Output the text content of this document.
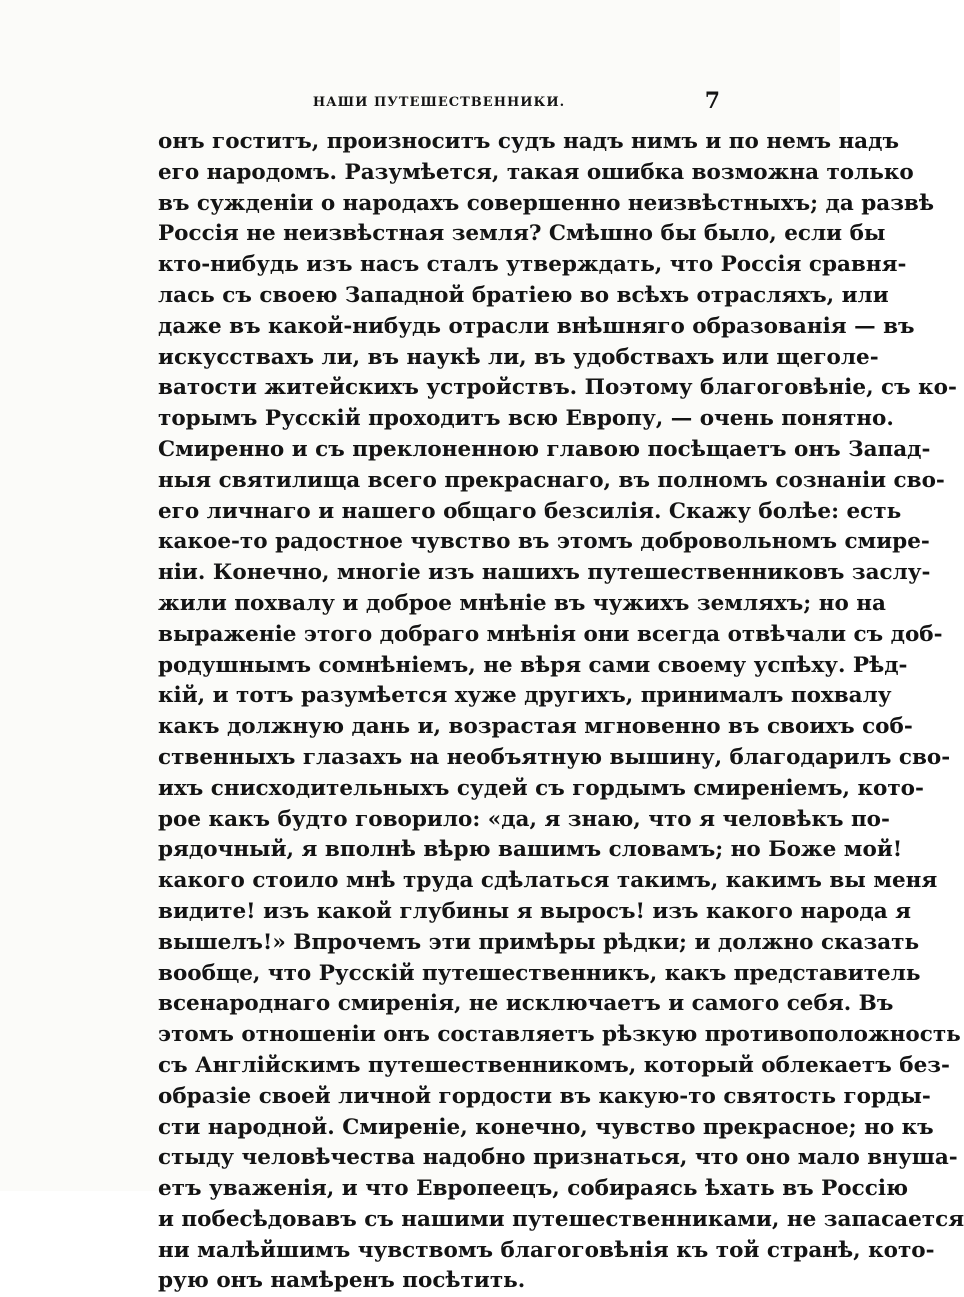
НАШИ ПУТЕШЕСТВЕННИКИ.	7
онъ гоститъ, произноситъ судъ надъ нимъ и по немъ надъ
его народомъ. Разумѣется, такая ошибка возможна только
въ сужденіи о народахъ совершенно неизвѣстныхъ; да развѣ
Россія не неизвѣстная земля? Смѣшно бы было, если бы
кто-нибудь изъ насъ сталъ утверждать, что Россія сравня-
лась съ своею Западной братіею во всѣхъ отрасляхъ, или
даже въ какой-нибудь отрасли внѣшняго образованія — въ
искусствахъ ли, въ наукѣ ли, въ удобствахъ или щеголе-
ватости житейскихъ устройствъ. Поэтому благоговѣніе, съ ко-
торымъ Русскій проходитъ всю Европу, — очень понятно.
Смиренно и съ преклоненною главою посѣщаетъ онъ Запад-
ныя святилища всего прекраснаго, въ полномъ сознаніи сво-
его личнаго и нашего общаго безсилія. Скажу болѣе: есть
какое-то радостное чувство въ этомъ добровольномъ смире-
ніи. Конечно, многіе изъ нашихъ путешественниковъ заслу-
жили похвалу и доброе мнѣніе въ чужихъ земляхъ; но на
выраженіе этого добраго мнѣнія они всегда отвѣчали съ доб-
родушнымъ сомнѣніемъ, не вѣря сами своему успѣху. Рѣд-
кій, и тотъ разумѣется хуже другихъ, принималъ похвалу
какъ должную дань и, возрастая мгновенно въ своихъ соб-
ственныхъ глазахъ на необъятную вышину, благодарилъ сво-
ихъ снисходительныхъ судей съ гордымъ смиреніемъ, кото-
рое какъ будто говорило: «да, я знаю, что я человѣкъ по-
рядочный, я вполнѣ вѣрю вашимъ словамъ; но Боже мой!
какого стоило мнѣ труда сдѣлаться такимъ, какимъ вы меня
видите! изъ какой глубины я выросъ! изъ какого народа я
вышелъ!» Впрочемъ эти примѣры рѣдки; и должно сказать
вообще, что Русскій путешественникъ, какъ представитель
всенароднаго смиренія, не исключаетъ и самого себя. Въ
этомъ отношеніи онъ составляетъ рѣзкую противоположность
съ Англійскимъ путешественникомъ, который облекаетъ без-
образіе своей личной гордости въ какую-то святость горды-
сти народной. Смиреніе, конечно, чувство прекрасное; но къ
стыду человѣчества надобно признаться, что оно мало внуша-
етъ уваженія, и что Европеецъ, собираясь ѣхать въ Россію
и побесѣдовавъ съ нашими путешественниками, не запасается
ни малѣйшимъ чувствомъ благоговѣнія къ той странѣ, кото-
рую онъ намѣренъ посѣтить.
